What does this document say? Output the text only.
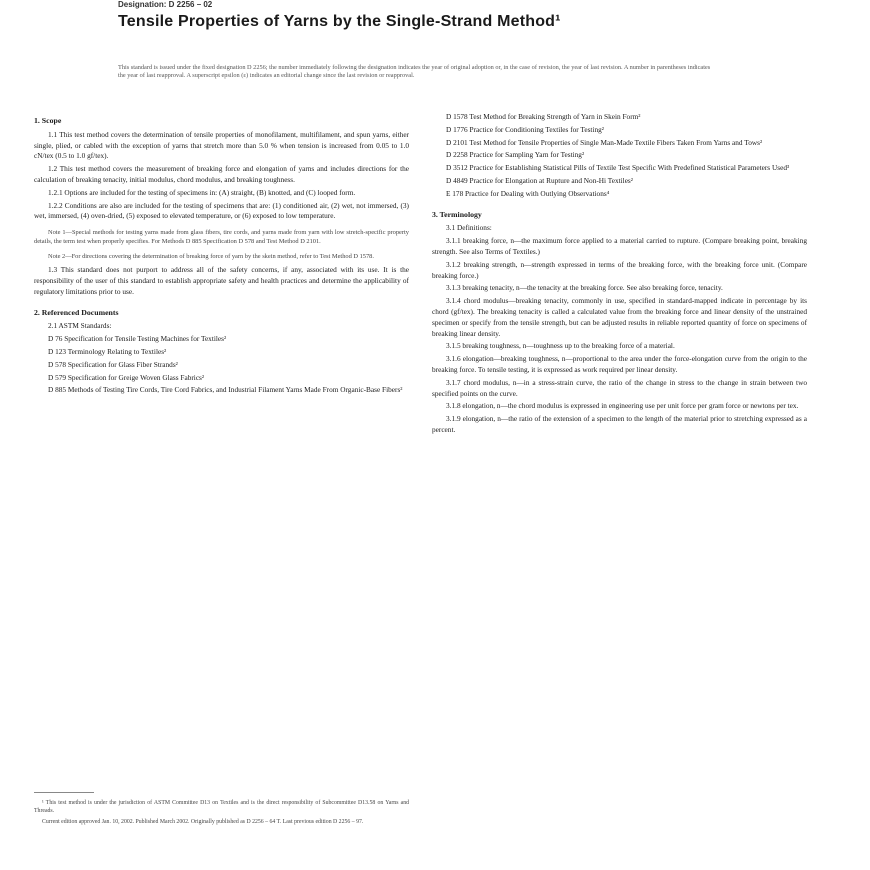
Designation: D 2256 – 02
Tensile Properties of Yarns by the Single-Strand Method¹
This standard is issued under the fixed designation D 2256; the number immediately following the designation indicates the year of original adoption or, in the case of revision, the year of last revision. A number in parentheses indicates the year of last reapproval. A superscript epsilon (ε) indicates an editorial change since the last revision or reapproval.
1. Scope

1.1 This test method covers the determination of tensile properties of monofilament, multifilament, and spun yarns, either single, plied, or cabled with the exception of yarns that stretch more than 5.0 % when tension is increased from 0.05 to 1.0 cN/tex (0.5 to 1.0 gf/tex).

1.2 This test method covers the measurement of breaking force and elongation of yarns and includes directions for the calculation of breaking tenacity, initial modulus, chord modulus, and breaking toughness.

1.2.1 Options are included for the testing of specimens in: (A) straight, (B) knotted, and (C) looped form.

1.2.2 Conditions are also are included for the testing of specimens that are: (1) conditioned air, (2) wet, not immersed, (3) wet, immersed, (4) oven-dried, (5) exposed to elevated temperature, or (6) exposed to low temperature.

Note 1—Special methods for testing yarns made from glass fibers, tire cords, and yarns made from yarn with low stretch-specific property details, the term test when properly specifies. For Methods D 885 Specification D 578 and Test Method D 2101.

Note 2—For directions covering the determination of breaking force of yarn by the skein method, refer to Test Method D 1578.

1.3 This standard does not purport to address all of the safety concerns, if any, associated with its use. It is the responsibility of the user of this standard to establish appropriate safety and health practices and determine the applicability of regulatory limitations prior to use.

2. Referenced Documents

2.1 ASTM Standards:

D 76 Specification for Tensile Testing Machines for Textiles²

D 123 Terminology Relating to Textiles²

D 578 Specification for Glass Fiber Strands²

D 579 Specification for Greige Woven Glass Fabrics²

D 885 Methods of Testing Tire Cords, Tire Cord Fabrics, and Industrial Filament Yarns Made From Organic-Base Fibers²

¹ This test method is under the jurisdiction of ASTM Committee D13 on Textiles and is the direct responsibility of Subcommittee D13.58 on Yarns and Threads.

Current edition approved Jan. 10, 2002. Published March 2002. Originally published as D 2256 – 64 T. Last previous edition D 2256 – 97.

D 1578 Test Method for Breaking Strength of Yarn in Skein Form²

D 1776 Practice for Conditioning Textiles for Testing²

D 2101 Test Method for Tensile Properties of Single Man-Made Textile Fibers Taken From Yarns and Tows²

D 2258 Practice for Sampling Yarn for Testing²

D 3512 Practice for Establishing Statistical Pills of Textile Test Specific With Predefined Statistical Parameters Used³

D 4849 Practice for Elongation at Rupture and Non-Hi Textiles²

E 178 Practice for Dealing with Outlying Observations⁴

3. Terminology

3.1 Definitions:

3.1.1 breaking force, n—the maximum force applied to a material carried to rupture. (Compare breaking point, breaking strength. See also Terms of Textiles.)

3.1.2 breaking strength, n—strength expressed in terms of the breaking force, with the breaking force unit. (Compare breaking force.)

3.1.3 breaking tenacity, n—the tenacity at the breaking force. See also breaking force, tenacity.

3.1.4 chord modulus—breaking tenacity, commonly in use, specified in standard-mapped indicate in percentage by its chord (gf/tex). The breaking tenacity is called a calculated value from the breaking force and linear density of the unstrained specimen or specify from the tensile strength, but can be adjusted results in reliable reported quantity of force on specimens of breaking linear density.

3.1.5 breaking toughness, n—toughness up to the breaking force of a material.

3.1.6 elongation—breaking toughness, n—proportional to the area under the force-elongation curve from the origin to the breaking force. To tensile testing, it is expressed as work required per linear density.

3.1.7 chord modulus, n—in a stress-strain curve, the ratio of the change in stress to the change in strain between two specified points on the curve.

3.1.8 elongation, n—the chord modulus is expressed in engineering use per unit force per gram force or newtons per tex.

3.1.9 elongation, n—the ratio of the extension of a specimen to the length of the material prior to stretching expressed as a percent.
